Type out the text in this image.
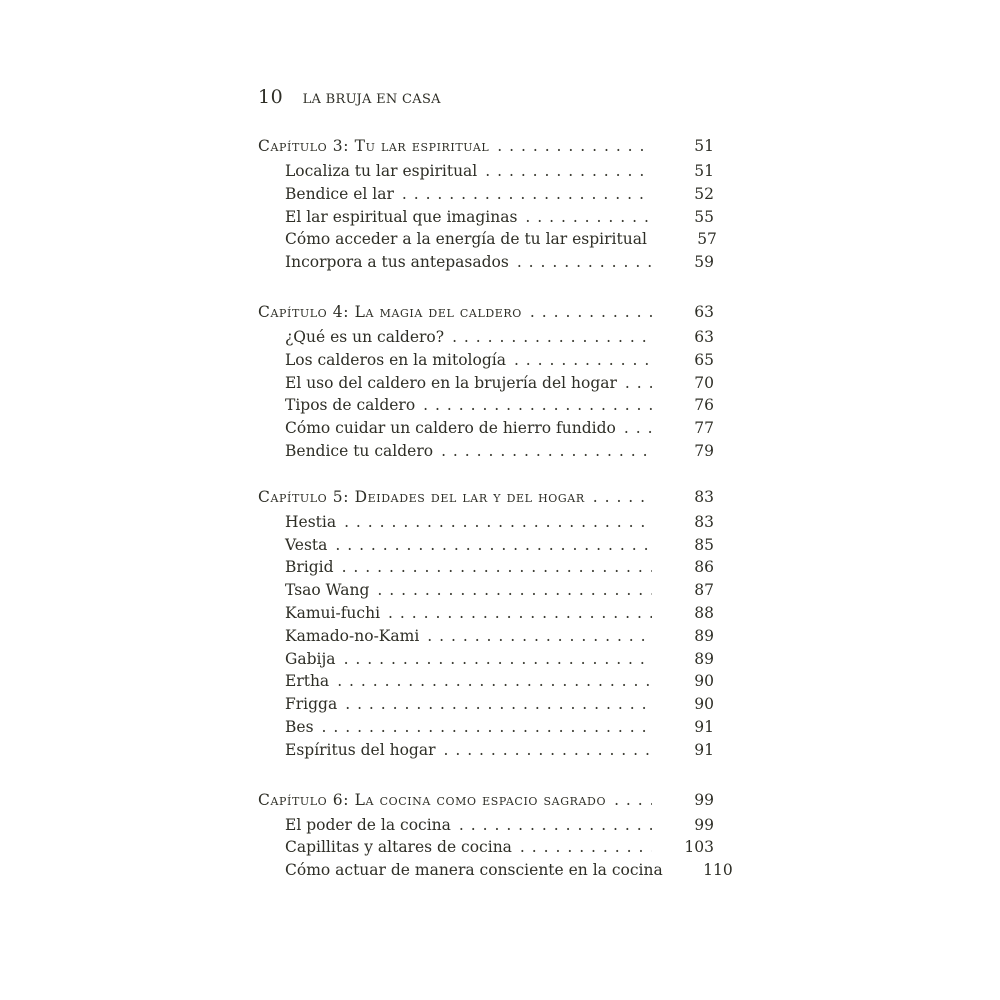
10 LA BRUJA EN CASA
Capítulo 3: Tu lar espiritual . . .	51
Localiza tu lar espiritual . . .	51
Bendice el lar . . .	52
El lar espiritual que imaginas . . .	55
Cómo acceder a la energía de tu lar espiritual	57
Incorpora a tus antepasados . . .	59
Capítulo 4: La magia del caldero . . .	63
¿Qué es un caldero? . . .	63
Los calderos en la mitología . . .	65
El uso del caldero en la brujería del hogar . . .	70
Tipos de caldero . . .	76
Cómo cuidar un caldero de hierro fundido . . .	77
Bendice tu caldero . . .	79
Capítulo 5: Deidades del lar y del hogar . . .	83
Hestia . . .	83
Vesta . . .	85
Brigid . . .	86
Tsao Wang . . .	87
Kamui-fuchi . . .	88
Kamado-no-Kami . . .	89
Gabija . . .	89
Ertha . . .	90
Frigga . . .	90
Bes . . .	91
Espíritus del hogar . . .	91
Capítulo 6: La cocina como espacio sagrado . . .	99
El poder de la cocina . . .	99
Capillitas y altares de cocina . . .	103
Cómo actuar de manera consciente en la cocina	110
